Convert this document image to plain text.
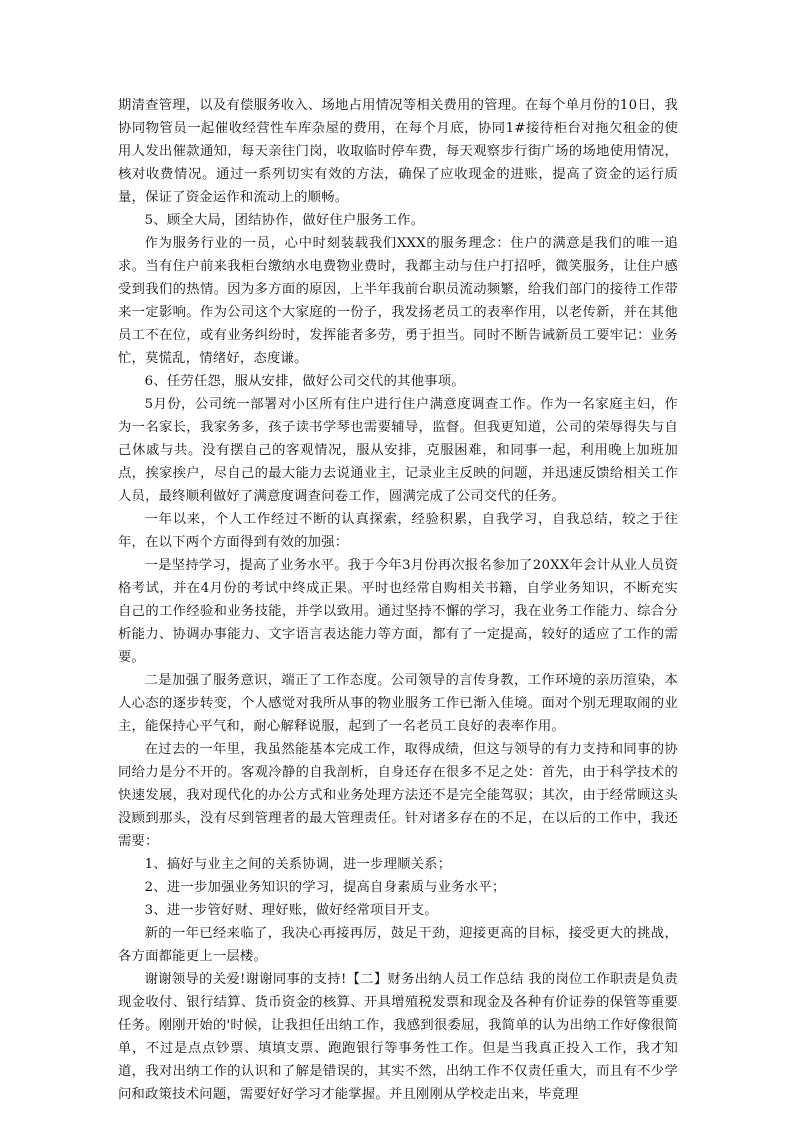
期清查管理，以及有偿服务收入、场地占用情况等相关费用的管理。在每个单月份的10日，我协同物管员一起催收经营性车库杂屋的费用，在每个月底，协同1#接待柜台对拖欠租金的使用人发出催款通知，每天亲往门岗，收取临时停车费，每天观察步行街广场的场地使用情况，核对收费情况。通过一系列切实有效的方法，确保了应收现金的进账，提高了资金的运行质量，保证了资金运作和流动上的顺畅。

5、顾全大局，团结协作，做好住户服务工作。

作为服务行业的一员，心中时刻装载我们XXX的服务理念：住户的满意是我们的唯一追求。当有住户前来我柜台缴纳水电费物业费时，我都主动与住户打招呼，微笑服务，让住户感受到我们的热情。因为多方面的原因，上半年我前台职员流动频繁，给我们部门的接待工作带来一定影响。作为公司这个大家庭的一份子，我发扬老员工的表率作用，以老传新，并在其他员工不在位，或有业务纠纷时，发挥能者多劳，勇于担当。同时不断告诫新员工要牢记：业务忙，莫慌乱，情绪好，态度谦。

6、任劳任怨，服从安排，做好公司交代的其他事项。

5月份，公司统一部署对小区所有住户进行住户满意度调查工作。作为一名家庭主妇，作为一名家长，我家务多，孩子读书学琴也需要辅导，监督。但我更知道，公司的荣辱得失与自己休戚与共。没有摆自己的客观情况，服从安排，克服困难，和同事一起，利用晚上加班加点，挨家挨户，尽自己的最大能力去说通业主，记录业主反映的问题，并迅速反馈给相关工作人员，最终顺利做好了满意度调查问卷工作，圆满完成了公司交代的任务。

一年以来，个人工作经过不断的认真探索，经验积累，自我学习，自我总结，较之于往年，在以下两个方面得到有效的加强：

一是坚持学习，提高了业务水平。我于今年3月份再次报名参加了20XX年会计从业人员资格考试，并在4月份的考试中终成正果。平时也经常自购相关书籍，自学业务知识，不断充实自己的工作经验和业务技能，并学以致用。通过坚持不懈的学习，我在业务工作能力、综合分析能力、协调办事能力、文字语言表达能力等方面，都有了一定提高，较好的适应了工作的需要。

二是加强了服务意识，端正了工作态度。公司领导的言传身教，工作环境的亲历渲染，本人心态的逐步转变，个人感觉对我所从事的物业服务工作已渐入佳境。面对个别无理取闹的业主，能保持心平气和，耐心解释说服，起到了一名老员工良好的表率作用。

在过去的一年里，我虽然能基本完成工作，取得成绩，但这与领导的有力支持和同事的协同给力是分不开的。客观冷静的自我剖析，自身还存在很多不足之处：首先，由于科学技术的快速发展，我对现代化的办公方式和业务处理方法还不是完全能驾驭；其次，由于经常顾这头没顾到那头，没有尽到管理者的最大管理责任。针对诸多存在的不足，在以后的工作中，我还需要：

1、搞好与业主之间的关系协调，进一步理顺关系；

2、进一步加强业务知识的学习，提高自身素质与业务水平；

3、进一步管好财、理好账，做好经常项目开支。

新的一年已经来临了，我决心再接再厉，鼓足干劲，迎接更高的目标，接受更大的挑战，各方面都能更上一层楼。

谢谢领导的关爱!谢谢同事的支持!【二】财务出纳人员工作总结 我的岗位工作职责是负责现金收付、银行结算、货币资金的核算、开具增殖税发票和现金及各种有价证券的保管等重要任务。刚刚开始的'时候，让我担任出纳工作，我感到很委屈，我简单的认为出纳工作好像很简单，不过是点点钞票、填填支票、跑跑银行等事务性工作。但是当我真正投入工作，我才知道，我对出纳工作的认识和了解是错误的，其实不然，出纳工作不仅责任重大，而且有不少学问和政策技术问题，需要好好学习才能掌握。并且刚刚从学校走出来，毕竟理
